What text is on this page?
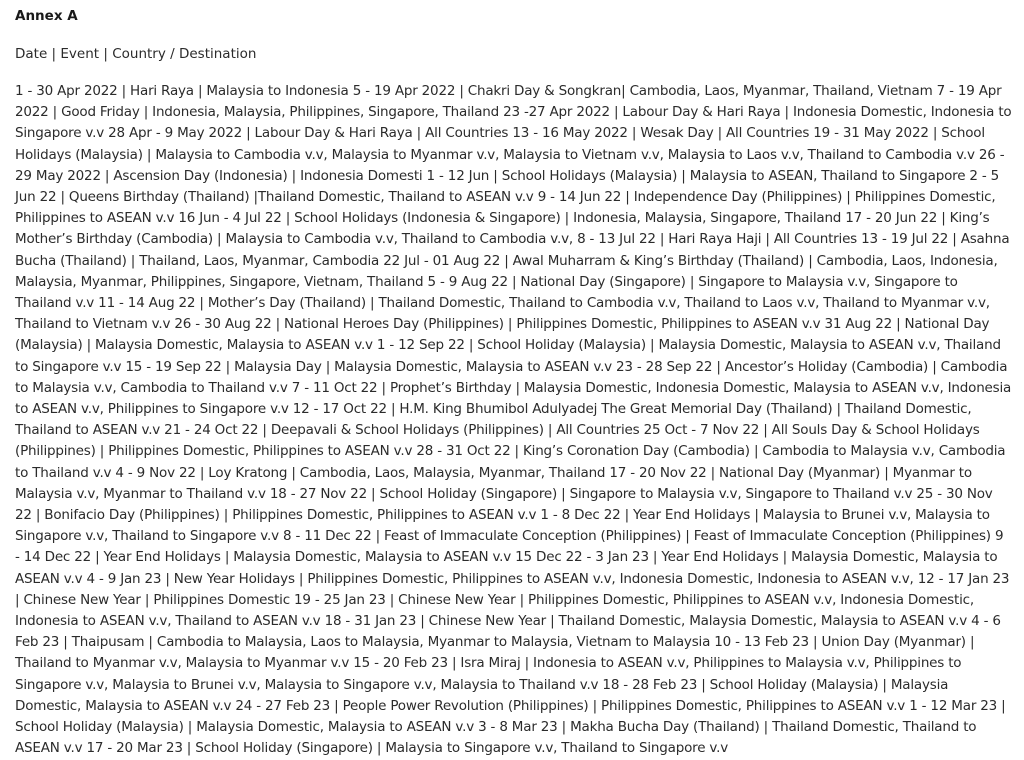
Annex A

Date | Event | Country / Destination

1 - 30 Apr 2022 | Hari Raya | Malaysia to Indonesia 5 - 19 Apr 2022 | Chakri Day & Songkran| Cambodia, Laos, Myanmar, Thailand, Vietnam 7 - 19 Apr 2022 | Good Friday | Indonesia, Malaysia, Philippines, Singapore, Thailand 23 -27 Apr 2022 | Labour Day & Hari Raya | Indonesia Domestic, Indonesia to Singapore v.v 28 Apr - 9 May 2022 | Labour Day & Hari Raya | All Countries 13 - 16 May 2022 | Wesak Day | All Countries 19 - 31 May 2022 | School Holidays (Malaysia) | Malaysia to Cambodia v.v, Malaysia to Myanmar v.v, Malaysia to Vietnam v.v, Malaysia to Laos v.v, Thailand to Cambodia v.v 26 - 29 May 2022 | Ascension Day (Indonesia) | Indonesia Domesti 1 - 12 Jun | School Holidays (Malaysia) | Malaysia to ASEAN, Thailand to Singapore 2 - 5 Jun 22 | Queens Birthday (Thailand) |Thailand Domestic, Thailand to ASEAN v.v 9 - 14 Jun 22 | Independence Day (Philippines) | Philippines Domestic, Philippines to ASEAN v.v 16 Jun - 4 Jul 22 | School Holidays (Indonesia & Singapore) | Indonesia, Malaysia, Singapore, Thailand 17 - 20 Jun 22 | King’s Mother’s Birthday (Cambodia) | Malaysia to Cambodia v.v, Thailand to Cambodia v.v, 8 - 13 Jul 22 | Hari Raya Haji | All Countries 13 - 19 Jul 22 | Asahna Bucha (Thailand) | Thailand, Laos, Myanmar, Cambodia 22 Jul - 01 Aug 22 | Awal Muharram & King’s Birthday (Thailand) | Cambodia, Laos, Indonesia, Malaysia, Myanmar, Philippines, Singapore, Vietnam, Thailand 5 - 9 Aug 22 | National Day (Singapore) | Singapore to Malaysia v.v, Singapore to Thailand v.v 11 - 14 Aug 22 | Mother’s Day (Thailand) | Thailand Domestic, Thailand to Cambodia v.v, Thailand to Laos v.v, Thailand to Myanmar v.v, Thailand to Vietnam v.v 26 - 30 Aug 22 | National Heroes Day (Philippines) | Philippines Domestic, Philippines to ASEAN v.v 31 Aug 22 | National Day (Malaysia) | Malaysia Domestic, Malaysia to ASEAN v.v 1 - 12 Sep 22 | School Holiday (Malaysia) | Malaysia Domestic, Malaysia to ASEAN v.v, Thailand to Singapore v.v 15 - 19 Sep 22 | Malaysia Day | Malaysia Domestic, Malaysia to ASEAN v.v 23 - 28 Sep 22 | Ancestor’s Holiday (Cambodia) | Cambodia to Malaysia v.v, Cambodia to Thailand v.v 7 - 11 Oct 22 | Prophet’s Birthday | Malaysia Domestic, Indonesia Domestic, Malaysia to ASEAN v.v, Indonesia to ASEAN v.v, Philippines to Singapore v.v 12 - 17 Oct 22 | H.M. King Bhumibol Adulyadej The Great Memorial Day (Thailand) | Thailand Domestic, Thailand to ASEAN v.v 21 - 24 Oct 22 | Deepavali & School Holidays (Philippines) | All Countries 25 Oct - 7 Nov 22 | All Souls Day & School Holidays (Philippines) | Philippines Domestic, Philippines to ASEAN v.v 28 - 31 Oct 22 | King’s Coronation Day (Cambodia) | Cambodia to Malaysia v.v, Cambodia to Thailand v.v 4 - 9 Nov 22 | Loy Kratong | Cambodia, Laos, Malaysia, Myanmar, Thailand 17 - 20 Nov 22 | National Day (Myanmar) | Myanmar to Malaysia v.v, Myanmar to Thailand v.v 18 - 27 Nov 22 | School Holiday (Singapore) | Singapore to Malaysia v.v, Singapore to Thailand v.v 25 - 30 Nov 22 | Bonifacio Day (Philippines) | Philippines Domestic, Philippines to ASEAN v.v 1 - 8 Dec 22 | Year End Holidays | Malaysia to Brunei v.v, Malaysia to Singapore v.v, Thailand to Singapore v.v 8 - 11 Dec 22 | Feast of Immaculate Conception (Philippines) | Feast of Immaculate Conception (Philippines) 9 - 14 Dec 22 | Year End Holidays | Malaysia Domestic, Malaysia to ASEAN v.v 15 Dec 22 - 3 Jan 23 | Year End Holidays | Malaysia Domestic, Malaysia to ASEAN v.v 4 - 9 Jan 23 | New Year Holidays | Philippines Domestic, Philippines to ASEAN v.v, Indonesia Domestic, Indonesia to ASEAN v.v, 12 - 17 Jan 23 | Chinese New Year | Philippines Domestic 19 - 25 Jan 23 | Chinese New Year | Philippines Domestic, Philippines to ASEAN v.v, Indonesia Domestic, Indonesia to ASEAN v.v, Thailand to ASEAN v.v 18 - 31 Jan 23 | Chinese New Year | Thailand Domestic, Malaysia Domestic, Malaysia to ASEAN v.v 4 - 6 Feb 23 | Thaipusam | Cambodia to Malaysia, Laos to Malaysia, Myanmar to Malaysia, Vietnam to Malaysia 10 - 13 Feb 23 | Union Day (Myanmar) | Thailand to Myanmar v.v, Malaysia to Myanmar v.v 15 - 20 Feb 23 | Isra Miraj | Indonesia to ASEAN v.v, Philippines to Malaysia v.v, Philippines to Singapore v.v, Malaysia to Brunei v.v, Malaysia to Singapore v.v, Malaysia to Thailand v.v 18 - 28 Feb 23 | School Holiday (Malaysia) | Malaysia Domestic, Malaysia to ASEAN v.v 24 - 27 Feb 23 | People Power Revolution (Philippines) | Philippines Domestic, Philippines to ASEAN v.v 1 - 12 Mar 23 | School Holiday (Malaysia) | Malaysia Domestic, Malaysia to ASEAN v.v 3 - 8 Mar 23 | Makha Bucha Day (Thailand) | Thailand Domestic, Thailand to ASEAN v.v 17 - 20 Mar 23 | School Holiday (Singapore) | Malaysia to Singapore v.v, Thailand to Singapore v.v
